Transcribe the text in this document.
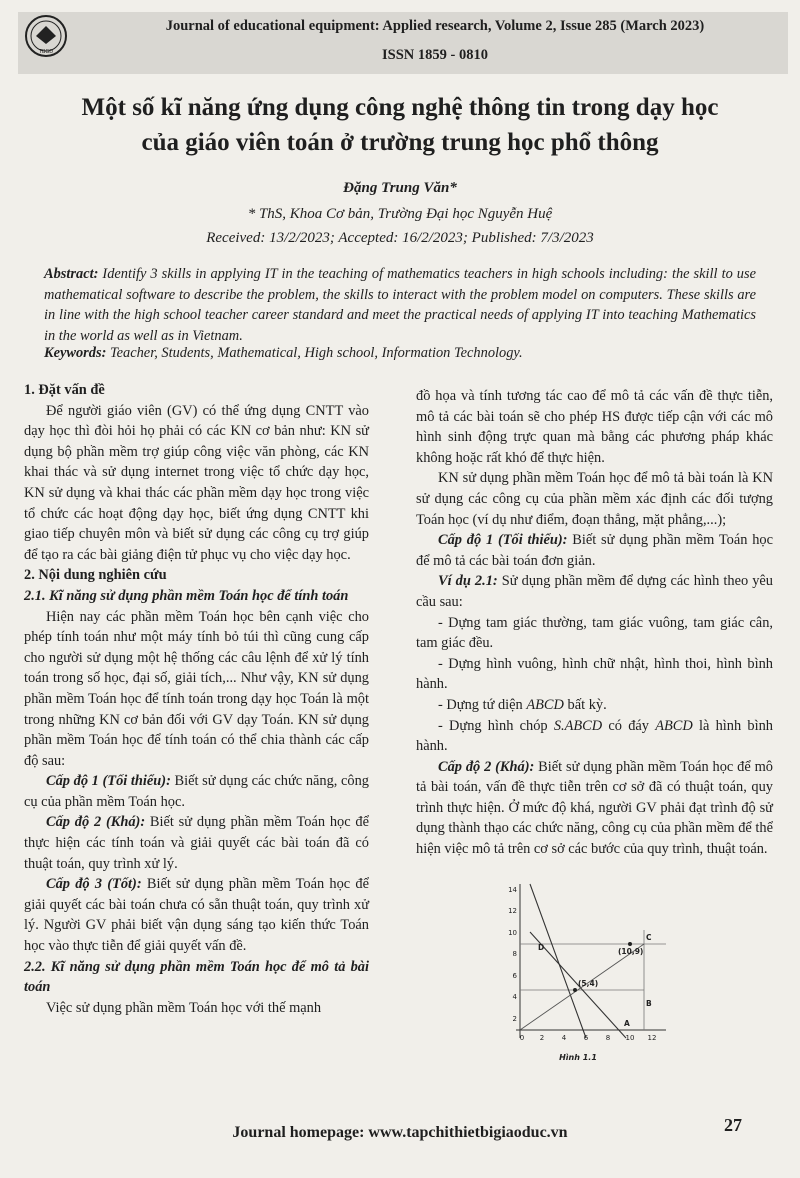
TBGD
Journal of educational equipment: Applied research, Volume 2, Issue 285 (March 2023)
ISSN 1859 - 0810
Một số kĩ năng ứng dụng công nghệ thông tin trong dạy học
của giáo viên toán ở trường trung học phổ thông
Đặng Trung Văn*
* ThS, Khoa Cơ bản, Trường Đại học Nguyễn Huệ
Received: 13/2/2023; Accepted: 16/2/2023; Published: 7/3/2023
Abstract: Identify 3 skills in applying IT in the teaching of mathematics teachers in high schools including: the skill to use mathematical software to describe the problem, the skills to interact with the problem model on computers. These skills are in line with the high school teacher career standard and meet the practical needs of applying IT into teaching Mathematics in the world as well as in Vietnam.
Keywords: Teacher, Students, Mathematical, High school, Information Technology.
1. Đặt vấn đề

Để người giáo viên (GV) có thể ứng dụng CNTT vào dạy học thì đòi hỏi họ phải có các KN cơ bản như: KN sử dụng bộ phần mềm trợ giúp công việc văn phòng, các KN khai thác và sử dụng internet trong việc tổ chức dạy học, KN sử dụng và khai thác các phần mềm dạy học trong việc tổ chức các hoạt động dạy học, biết ứng dụng CNTT khi giao tiếp chuyên môn và biết sử dụng các công cụ trợ giúp để tạo ra các bài giảng điện tử phục vụ cho việc dạy học.

2. Nội dung nghiên cứu
2.1. Kĩ năng sử dụng phần mềm Toán học để tính toán

Hiện nay các phần mềm Toán học bên cạnh việc cho phép tính toán như một máy tính bỏ túi thì cũng cung cấp cho người sử dụng một hệ thống các câu lệnh để xử lý tính toán trong số học, đại số, giải tích,... Như vậy, KN sử dụng phần mềm Toán học để tính toán trong dạy học Toán là một trong những KN cơ bản đối với GV dạy Toán. KN sử dụng phần mềm Toán học để tính toán có thể chia thành các cấp độ sau:

Cấp độ 1 (Tối thiểu): Biết sử dụng các chức năng, công cụ của phần mềm Toán học.

Cấp độ 2 (Khá): Biết sử dụng phần mềm Toán học để thực hiện các tính toán và giải quyết các bài toán đã có thuật toán, quy trình xử lý.

Cấp độ 3 (Tốt): Biết sử dụng phần mềm Toán học để giải quyết các bài toán chưa có sẵn thuật toán, quy trình xử lý. Người GV phải biết vận dụng sáng tạo kiến thức Toán học vào thực tiễn để giải quyết vấn đề.

2.2. Kĩ năng sử dụng phần mềm Toán học để mô tả bài toán

Việc sử dụng phần mềm Toán học với thế mạnh

đồ họa và tính tương tác cao để mô tả các vấn đề thực tiễn, mô tả các bài toán sẽ cho phép HS được tiếp cận với các mô hình sinh động trực quan mà bằng các phương pháp khác không hoặc rất khó để thực hiện.

KN sử dụng phần mềm Toán học để mô tả bài toán là KN sử dụng các công cụ của phần mềm xác định các đối tượng Toán học (ví dụ như điểm, đoạn thẳng, mặt phẳng,...);

Cấp độ 1 (Tối thiểu): Biết sử dụng phần mềm Toán học để mô tả các bài toán đơn giản.

Ví dụ 2.1: Sử dụng phần mềm để dựng các hình theo yêu cầu sau:

- Dựng tam giác thường, tam giác vuông, tam giác cân, tam giác đều.

- Dựng hình vuông, hình chữ nhật, hình thoi, hình bình hành.

- Dựng tứ diện ABCD bất kỳ.

- Dựng hình chóp S.ABCD có đáy ABCD là hình bình hành.

Cấp độ 2 (Khá): Biết sử dụng phần mềm Toán học để mô tả bài toán, vấn đề thực tiễn trên cơ sở đã có thuật toán, quy trình thực hiện. Ở mức độ khá, người GV phải đạt trình độ sử dụng thành thạo các chức năng, công cụ của phần mềm để thể hiện việc mô tả trên cơ sở các bước của quy trình, thuật toán.

14
12
10
8
6
4
2
0 2	4	6	8 10 12
C
D	(10,9)
(5,4)
B
A
Hình 1.1
Journal homepage: www.tapchithietbigiaoduc.vn	27
